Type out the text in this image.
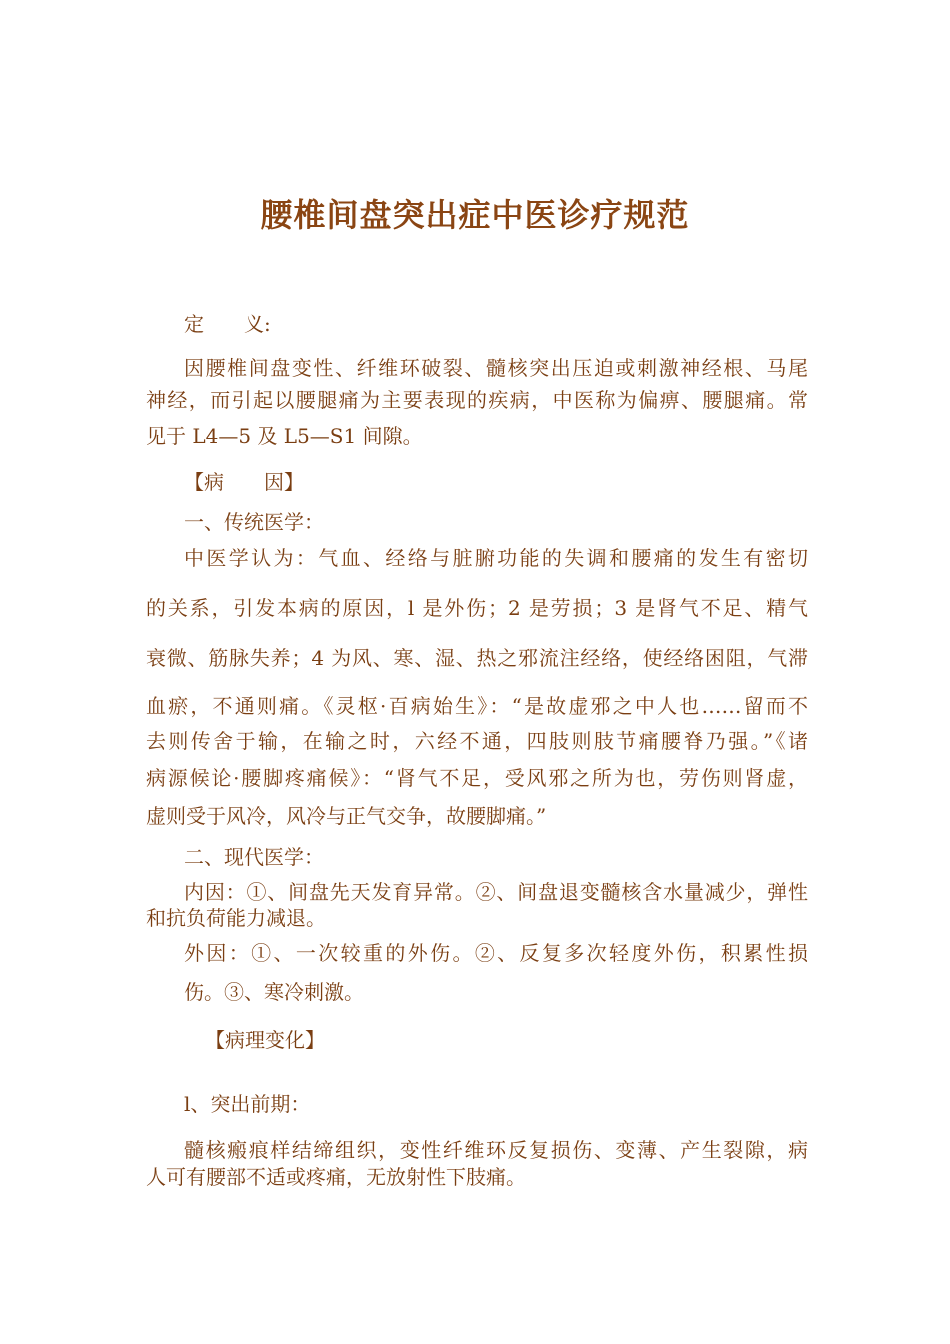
腰椎间盘突出症中医诊疗规范
定　　义:
因腰椎间盘变性、纤维环破裂、髓核突出压迫或刺激神经根、马尾
神经，而引起以腰腿痛为主要表现的疾病，中医称为偏痹、腰腿痛。常
见于 L4—5 及 L5—S1 间隙。
【病　　因】
一、传统医学：
中医学认为：气血、经络与脏腑功能的失调和腰痛的发生有密切
的关系，引发本病的原因，l 是外伤；2 是劳损；3 是肾气不足、精气
衰微、筋脉失养；4 为风、寒、湿、热之邪流注经络，使经络困阻，气滞
血瘀，不通则痛。《灵枢·百病始生》：“是故虚邪之中人也……留而不
去则传舍于输，在输之时，六经不通，四肢则肢节痛腰脊乃强。”《诸
病源候论·腰脚疼痛候》：“肾气不足，受风邪之所为也，劳伤则肾虚，
虚则受于风冷，风冷与正气交争，故腰脚痛。”
二、现代医学：
内因：①、间盘先天发育异常。②、间盘退变髓核含水量减少，弹性
和抗负荷能力减退。
外因：①、一次较重的外伤。②、反复多次轻度外伤，积累性损
伤。③、寒冷刺激。
【病理变化】
l、突出前期：
髓核瘢痕样结缔组织，变性纤维环反复损伤、变薄、产生裂隙，病
人可有腰部不适或疼痛，无放射性下肢痛。
